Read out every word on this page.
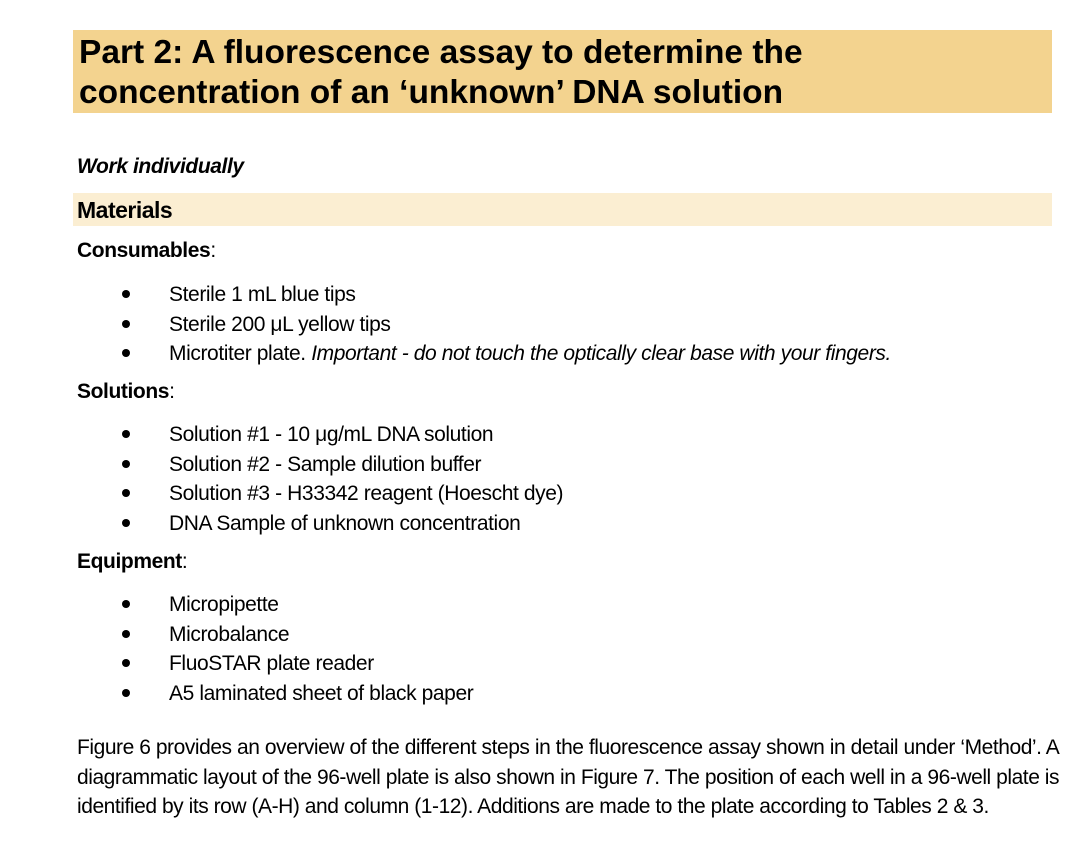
Part 2: A fluorescence assay to determine the
concentration of an ‘unknown’ DNA solution
Work individually
Materials
Consumables:
Sterile 1 mL blue tips
Sterile 200 μL yellow tips
Microtiter plate. Important - do not touch the optically clear base with your fingers.
Solutions:
Solution #1 - 10 μg/mL DNA solution
Solution #2 - Sample dilution buffer
Solution #3 - H33342 reagent (Hoescht dye)
DNA Sample of unknown concentration
Equipment:
Micropipette
Microbalance
FluoSTAR plate reader
A5 laminated sheet of black paper

Figure 6 provides an overview of the different steps in the fluorescence assay shown in detail under ‘Method’. A
diagrammatic layout of the 96-well plate is also shown in Figure 7. The position of each well in a 96-well plate is
identified by its row (A-H) and column (1-12). Additions are made to the plate according to Tables 2 & 3.
